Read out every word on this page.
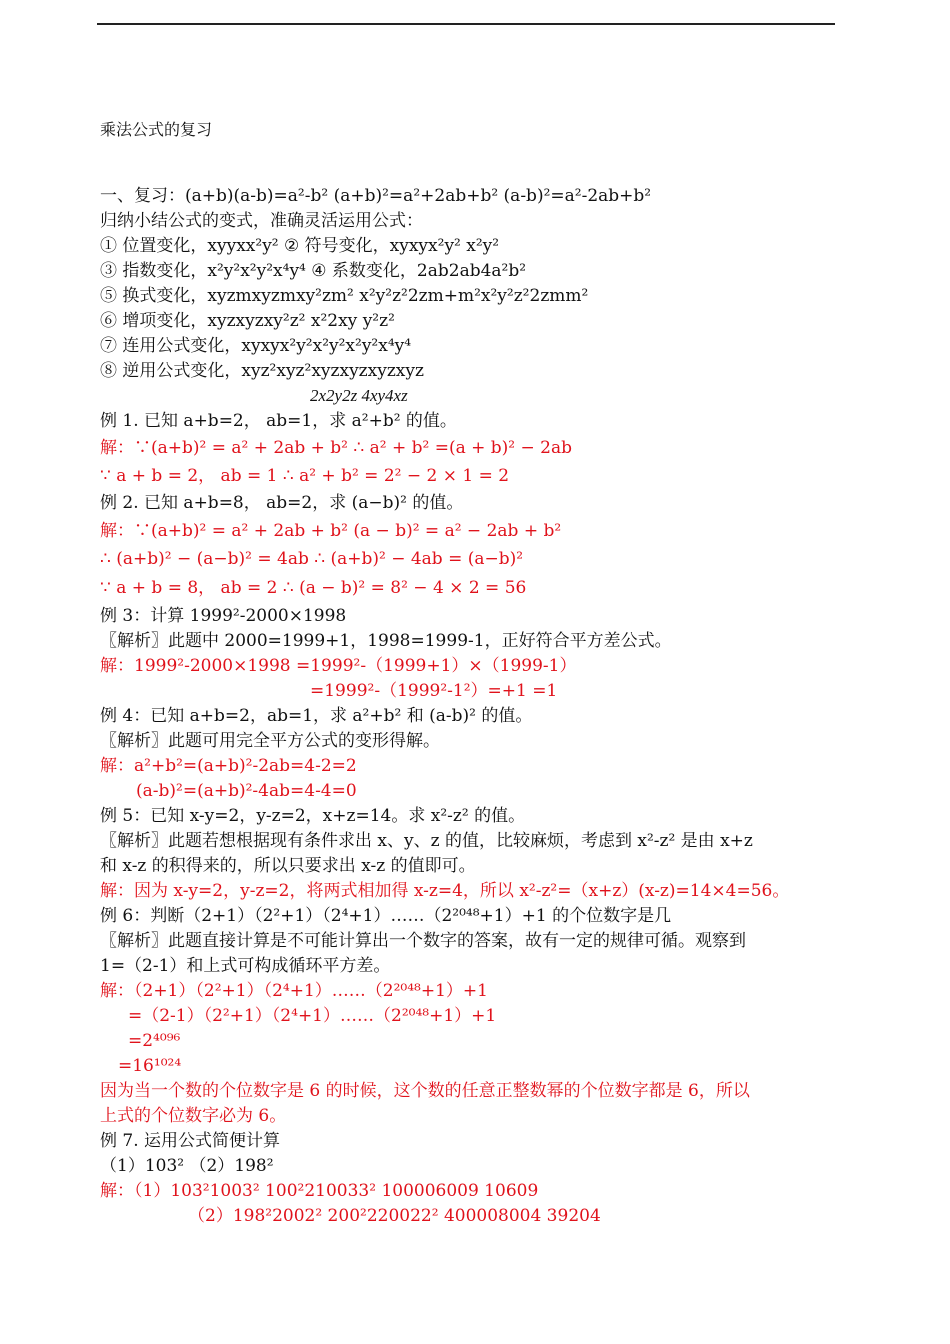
乘法公式的复习
一、复习：(a+b)(a-b)=a²-b² (a+b)²=a²+2ab+b² (a-b)²=a²-2ab+b²
归纳小结公式的变式，准确灵活运用公式：
① 位置变化，xyyxx²y² ② 符号变化，xyxyx²y² x²y²
③ 指数变化，x²y²x²y²x⁴y⁴ ④ 系数变化，2ab2ab4a²b²
⑤ 换式变化，xyzmxyzmxy²zm² x²y²z²2zm+m²x²y²z²2zmm²
⑥ 增项变化，xyzxyzxy²z² x²2xy y²z²
⑦ 连用公式变化，xyxyx²y²x²y²x²y²x⁴y⁴
⑧ 逆用公式变化，xyz²xyz²xyzxyzxyzxyz
2x2y2z 4xy4xz
例 1. 已知 a+b=2， ab=1，求 a²+b² 的值。
解：∵(a+b)² = a² + 2ab + b² ∴ a² + b² =(a + b)² − 2ab
∵ a + b = 2， ab = 1 ∴ a² + b² = 2² − 2 × 1 = 2
例 2. 已知 a+b=8， ab=2，求 (a−b)² 的值。
解：∵(a+b)² = a² + 2ab + b² (a − b)² = a² − 2ab + b²
∴ (a+b)² − (a−b)² = 4ab ∴ (a+b)² − 4ab = (a−b)²
∵ a + b = 8， ab = 2 ∴ (a − b)² = 8² − 4 × 2 = 56
例 3：计算 1999²-2000×1998
〖解析〗此题中 2000=1999+1，1998=1999-1，正好符合平方差公式。
解：1999²-2000×1998 =1999²-（1999+1）×（1999-1）
=1999²-（1999²-1²）=+1 =1
例 4：已知 a+b=2，ab=1，求 a²+b² 和 (a-b)² 的值。
〖解析〗此题可用完全平方公式的变形得解。
解：a²+b²=(a+b)²-2ab=4-2=2
(a-b)²=(a+b)²-4ab=4-4=0
例 5：已知 x-y=2，y-z=2，x+z=14。求 x²-z² 的值。
〖解析〗此题若想根据现有条件求出 x、y、z 的值，比较麻烦，考虑到 x²-z² 是由 x+z
和 x-z 的积得来的，所以只要求出 x-z 的值即可。
解：因为 x-y=2，y-z=2，将两式相加得 x-z=4，所以 x²-z²=（x+z）(x-z)=14×4=56。
例 6：判断（2+1）（2²+1）（2⁴+1）……（2²⁰⁴⁸+1）+1 的个位数字是几
〖解析〗此题直接计算是不可能计算出一个数字的答案，故有一定的规律可循。观察到
1=（2-1）和上式可构成循环平方差。
解：（2+1）（2²+1）（2⁴+1）……（2²⁰⁴⁸+1）+1
=（2-1）（2²+1）（2⁴+1）……（2²⁰⁴⁸+1）+1
=2⁴⁰⁹⁶
=16¹⁰²⁴
因为当一个数的个位数字是 6 的时候，这个数的任意正整数幂的个位数字都是 6，所以
上式的个位数字必为 6。
例 7. 运用公式简便计算
（1）103² （2）198²
解：（1）103²1003² 100²210033² 100006009 10609
（2）198²2002² 200²220022² 400008004 39204
